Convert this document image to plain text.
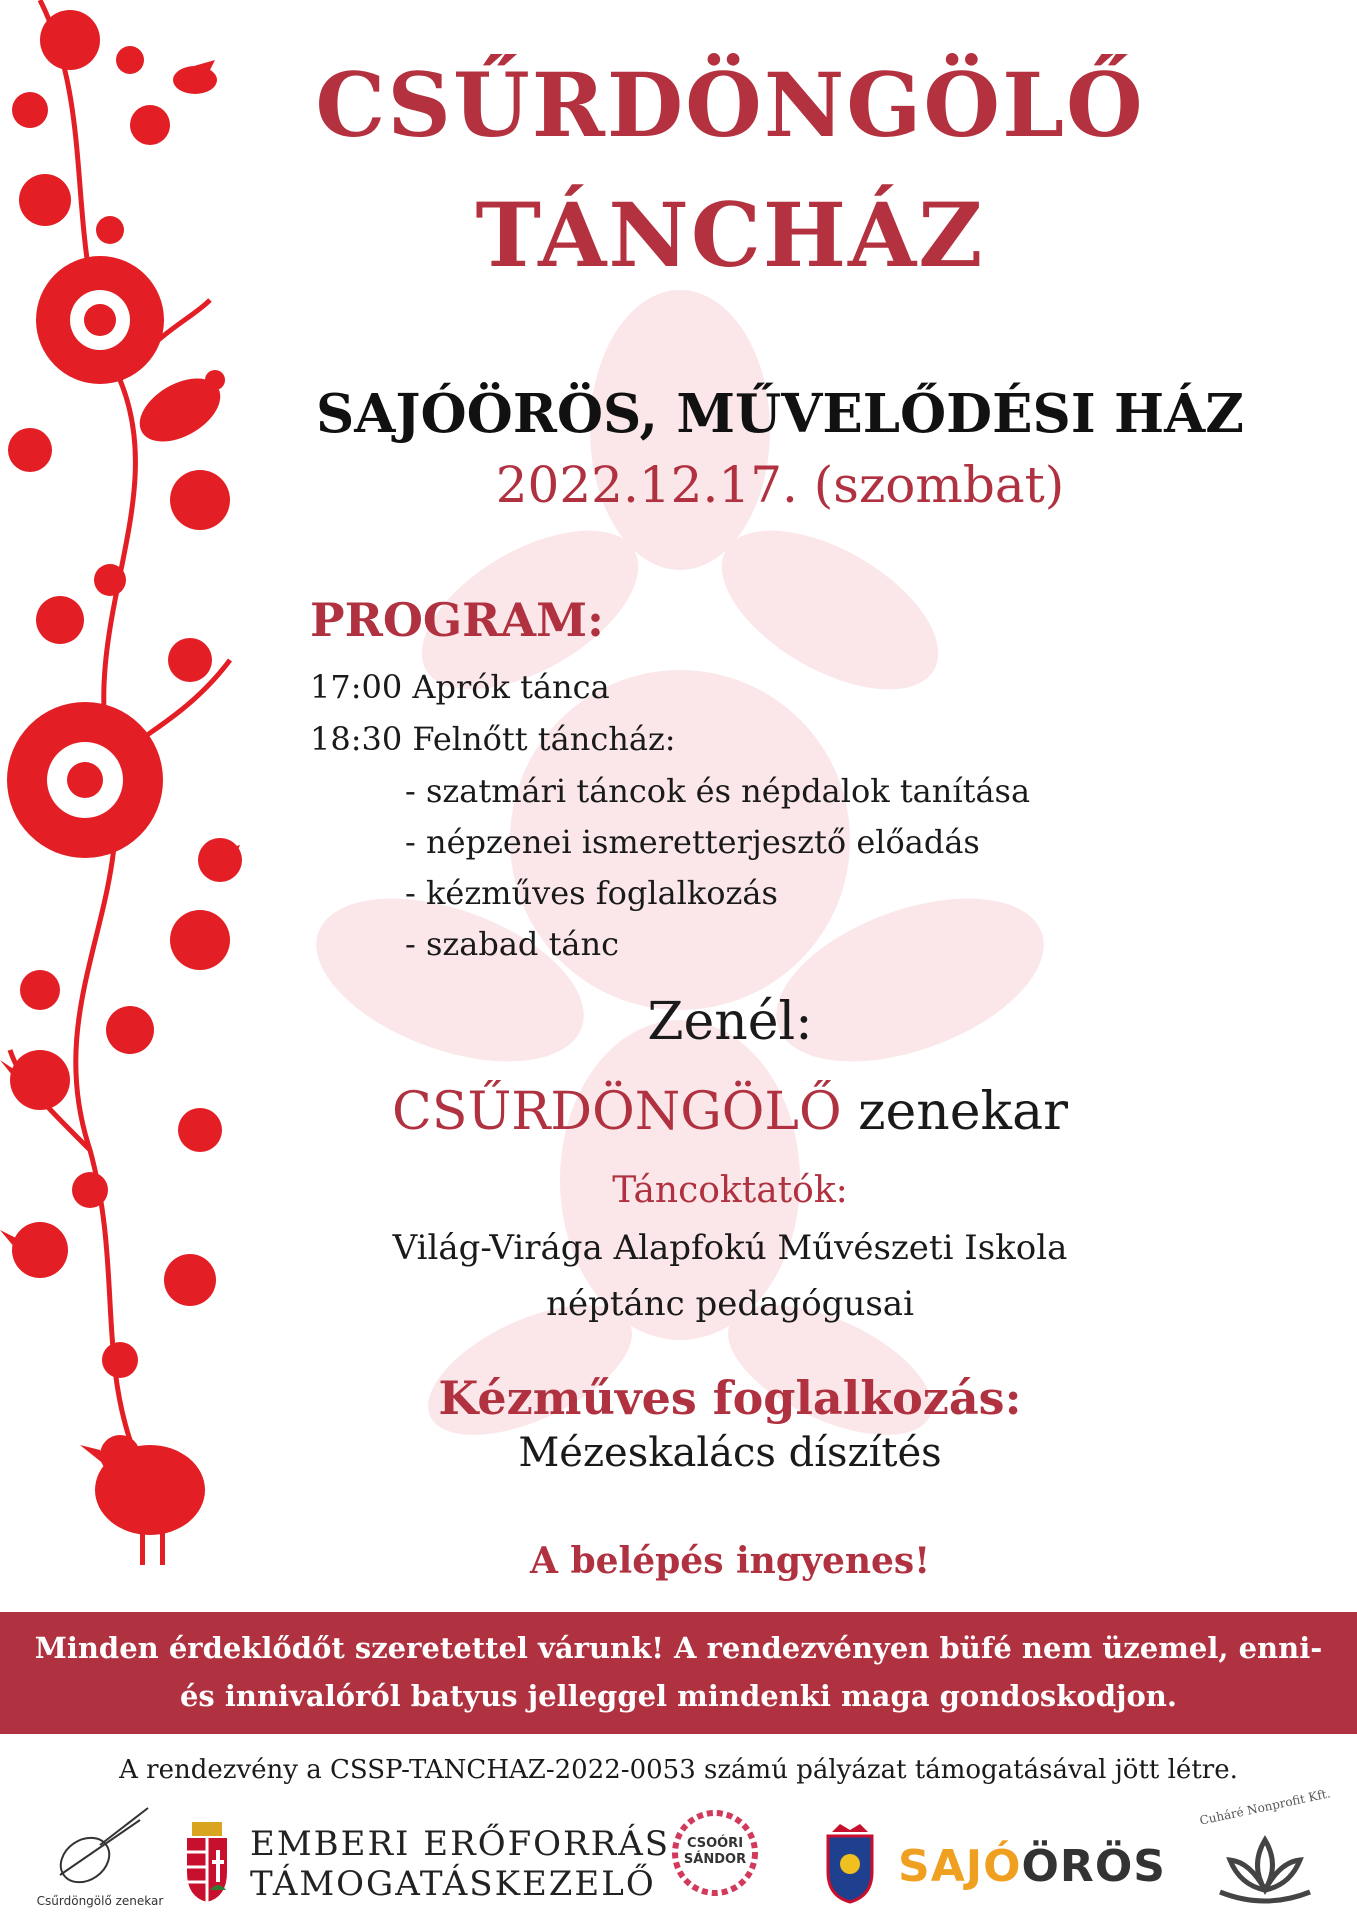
CSŰRDÖNGÖLŐ
TÁNCHÁZ
SAJÓÖRÖS, MŰVELŐDÉSI HÁZ
2022.12.17. (szombat)
PROGRAM:
17:00 Aprók tánca
18:30 Felnőtt táncház:
- szatmári táncok és népdalok tanítása
- népzenei ismeretterjesztő előadás
- kézműves foglalkozás
- szabad tánc
Zenél:
CSŰRDÖNGÖLŐ zenekar
Táncoktatók:
Világ-Virága Alapfokú Művészeti Iskola
néptánc pedagógusai
Kézműves foglalkozás:
Mézeskalács díszítés
A belépés ingyenes!
Minden érdeklődőt szeretettel várunk! A rendezvényen büfé nem üzemel, enni-
és innivalóról batyus jelleggel mindenki maga gondoskodjon.
A rendezvény a CSSP-TANCHAZ-2022-0053 számú pályázat támogatásával jött létre.
Csűrdöngölő zenekar
EMBERI ERŐFORRÁS
TÁMOGATÁSKEZELŐ
CSOÓRI
SÁNDOR	SAJÓÖRÖS
Cuháré Nonprofit Kft.
